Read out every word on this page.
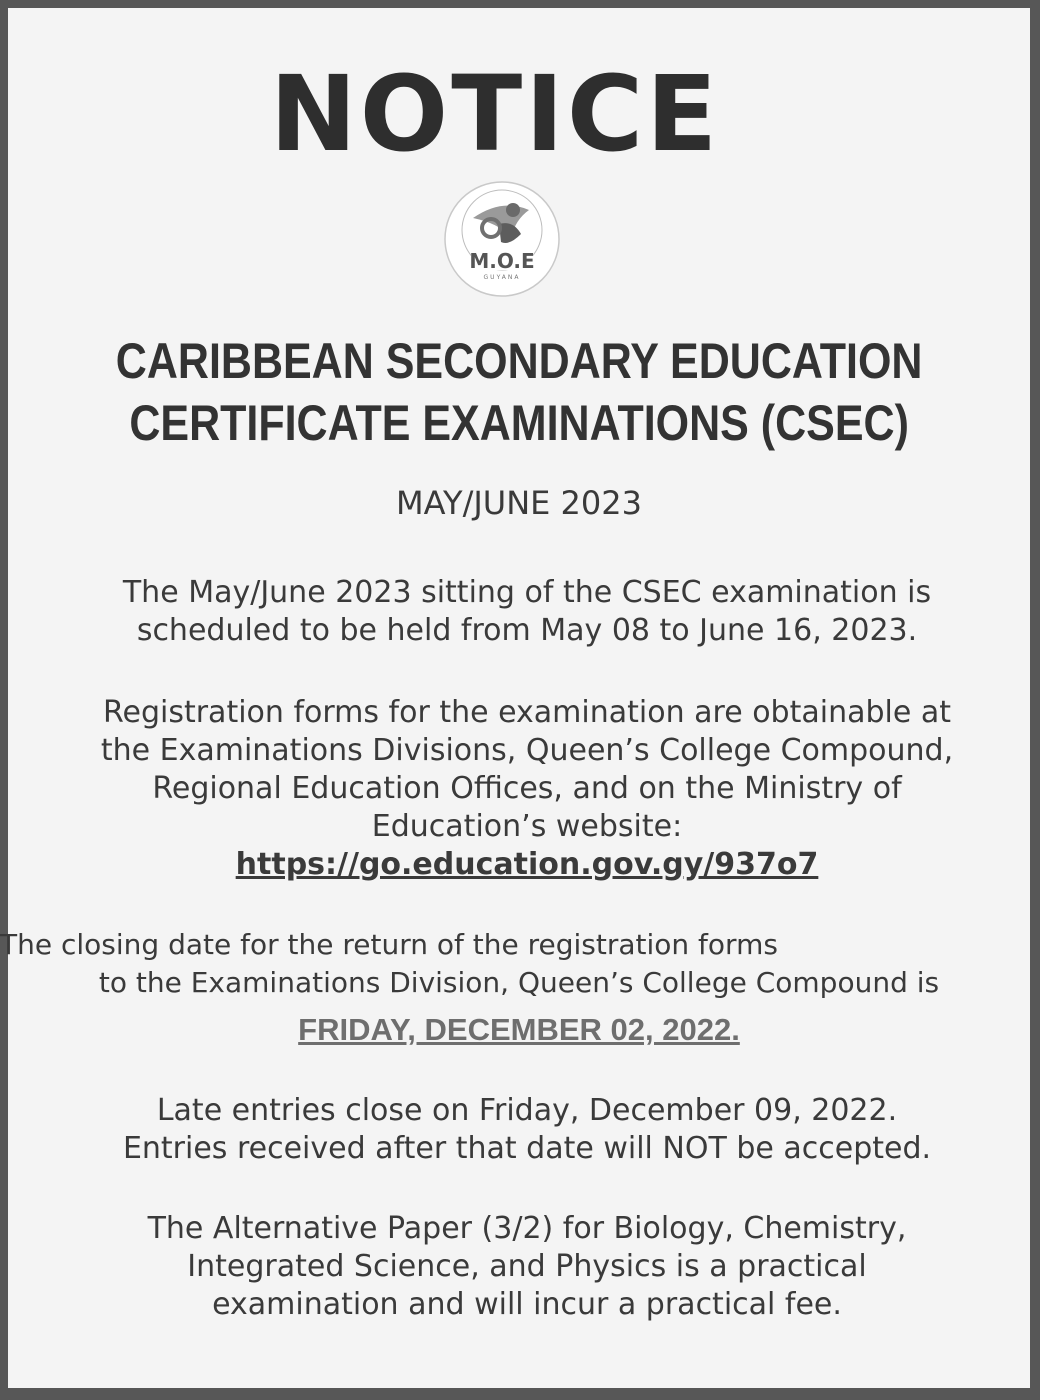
NOTICE
M.O.E
GUYANA
CARIBBEAN SECONDARY EDUCATION
CERTIFICATE EXAMINATIONS (CSEC)
MAY/JUNE 2023
The May/June 2023 sitting of the CSEC examination is
scheduled to be held from May 08 to June 16, 2023.
Registration forms for the examination are obtainable at
the Examinations Divisions, Queen’s College Compound,
Regional Education Offices, and on the Ministry of
Education’s website:
https://go.education.gov.gy/937o7
The closing date for the return of the registration forms
to the Examinations Division, Queen’s College Compound is
FRIDAY, DECEMBER 02, 2022.
Late entries close on Friday, December 09, 2022.
Entries received after that date will NOT be accepted.
The Alternative Paper (3/2) for Biology, Chemistry,
Integrated Science, and Physics is a practical
examination and will incur a practical fee.
